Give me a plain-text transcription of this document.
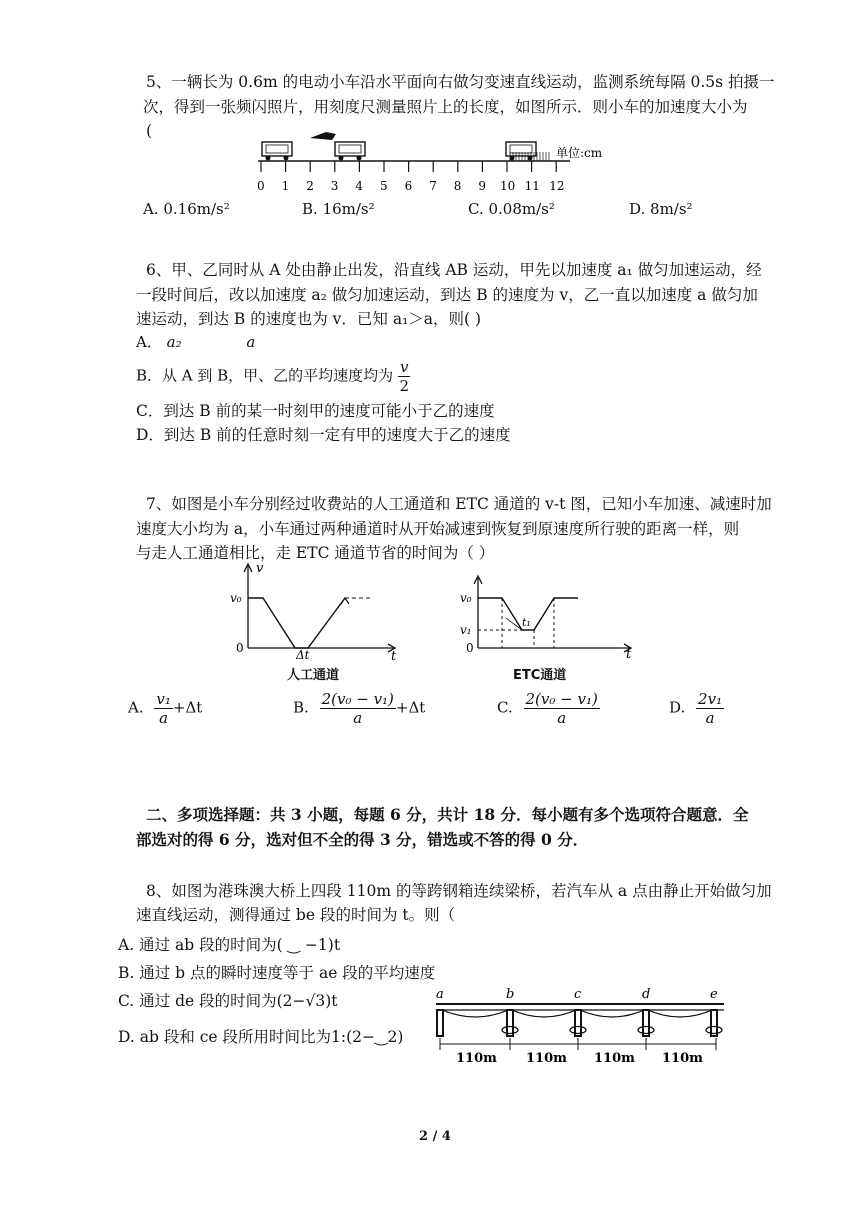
5、一辆长为 0.6m 的电动小车沿水平面向右做匀变速直线运动，监测系统每隔 0.5s 拍摄一
次，得到一张频闪照片，用刻度尺测量照片上的长度，如图所示．则小车的加速度大小为
(
0 1 2 3 4 5 6 7 8 9 10 11 12
单位:cm
A. 0.16m/s²	B. 16m/s²	C. 0.08m/s²	D. 8m/s²
6、甲、乙同时从 A 处由静止出发，沿直线 AB 运动，甲先以加速度 a₁ 做匀加速运动，经
一段时间后，改以加速度 a₂ 做匀加速运动，到达 B 的速度为 v，乙一直以加速度 a 做匀加
速运动，到达 B 的速度也为 v．已知 a₁＞a，则( )
A． a₂	a
B．从 A 到 B，甲、乙的平均速度均为 $\frac{v}{2}$
C．到达 B 前的某一时刻甲的速度可能小于乙的速度
D．到达 B 前的任意时刻一定有甲的速度大于乙的速度
7、如图是小车分别经过收费站的人工通道和 ETC 通道的 v-t 图，已知小车加速、减速时加
速度大小均为 a，小车通过两种通道时从开始减速到恢复到原速度所行驶的距离一样，则
与走人工通道相比，走 ETC 通道节省的时间为（ ）
v
v₀
0
t
Δt
人工通道
v₀
v₁
0	t
t₁
ETC通道
A. $\frac{\text{v₁}}{a} +\Delta t$	B. $\frac{\text{2(v₀ − v₁)}}{a} +\Delta t$	C. $\frac{\text{2(v₀ − v₁)}}{a}$	D. $\frac{\text{2v₁}}{a}$
二、多项选择题：共 3 小题，每题 6 分，共计 18 分．每小题有多个选项符合题意．全
部选对的得 6 分，选对但不全的得 3 分，错选或不答的得 0 分．
8、如图为港珠澳大桥上四段 110m 的等跨钢箱连续梁桥，若汽车从 a 点由静止开始做匀加
速直线运动，测得通过 be 段的时间为 t。则（
A. 通过 ab 段的时间为( ‿ −1)t
B. 通过 b 点的瞬时速度等于 ae 段的平均速度
C. 通过 de 段的时间为(2−√3)t
D. ab 段和 ce 段所用时间比为1:(2−‿2)
a	b	c	d	e
110m 110m 110m 110m
2 / 4
